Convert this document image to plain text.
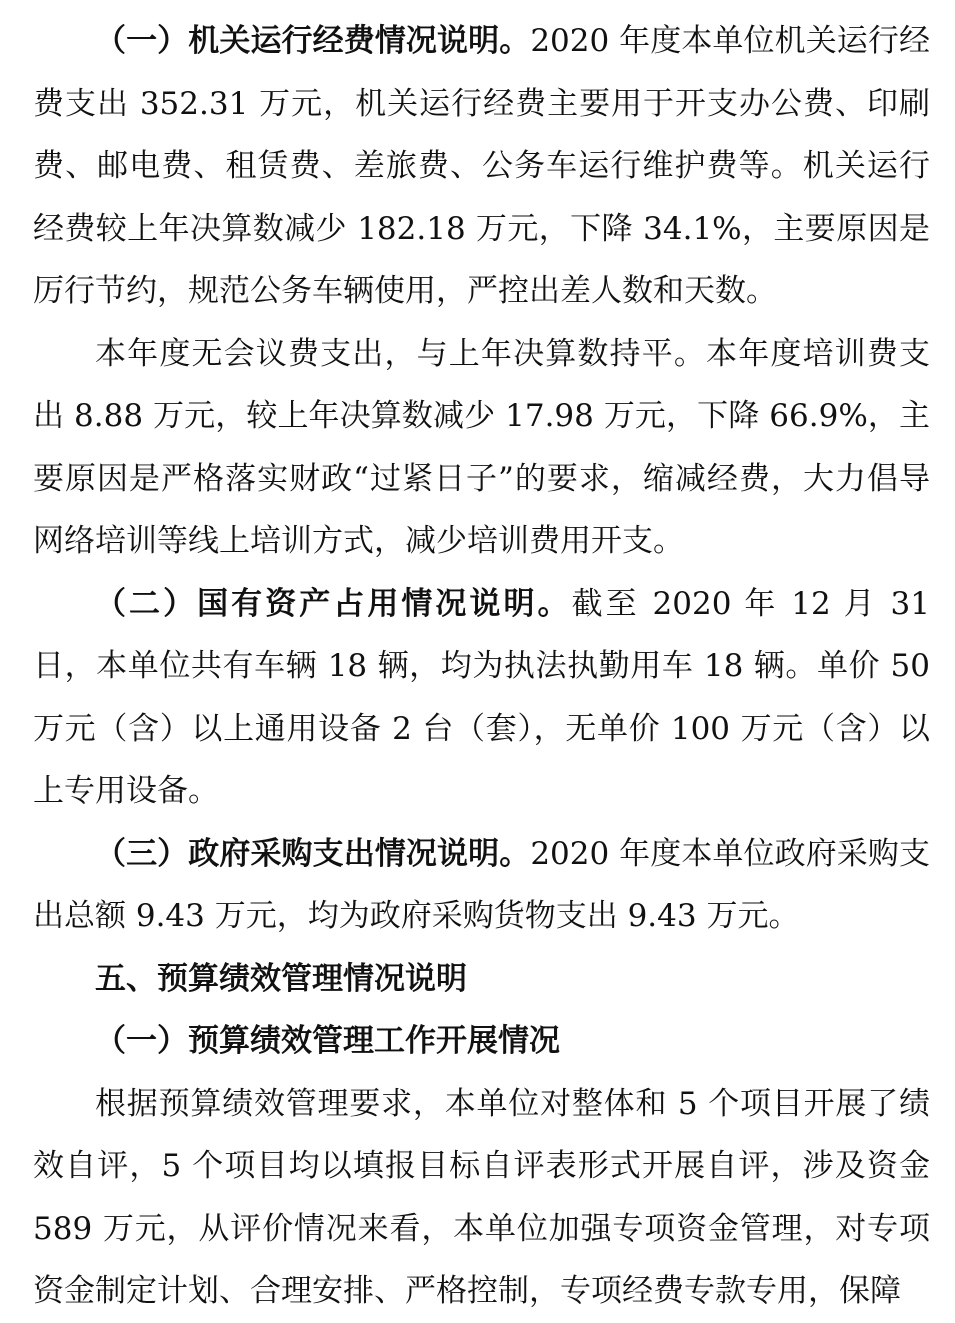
（一）机关运行经费情况说明。2020 年度本单位机关运行经费支出 352.31 万元，机关运行经费主要用于开支办公费、印刷费、邮电费、租赁费、差旅费、公务车运行维护费等。机关运行经费较上年决算数减少 182.18 万元，下降 34.1%，主要原因是厉行节约，规范公务车辆使用，严控出差人数和天数。

本年度无会议费支出，与上年决算数持平。本年度培训费支出 8.88 万元，较上年决算数减少 17.98 万元，下降 66.9%，主要原因是严格落实财政“过紧日子”的要求，缩减经费，大力倡导网络培训等线上培训方式，减少培训费用开支。

（二）国有资产占用情况说明。截至 2020 年 12 月 31 日，本单位共有车辆 18 辆，均为执法执勤用车 18 辆。单价 50 万元（含）以上通用设备 2 台（套），无单价 100 万元（含）以上专用设备。

（三）政府采购支出情况说明。2020 年度本单位政府采购支出总额 9.43 万元，均为政府采购货物支出 9.43 万元。

五、预算绩效管理情况说明
（一）预算绩效管理工作开展情况

根据预算绩效管理要求，本单位对整体和 5 个项目开展了绩效自评，5 个项目均以填报目标自评表形式开展自评，涉及资金589 万元，从评价情况来看，本单位加强专项资金管理，对专项资金制定计划、合理安排、严格控制，专项经费专款专用，保障
